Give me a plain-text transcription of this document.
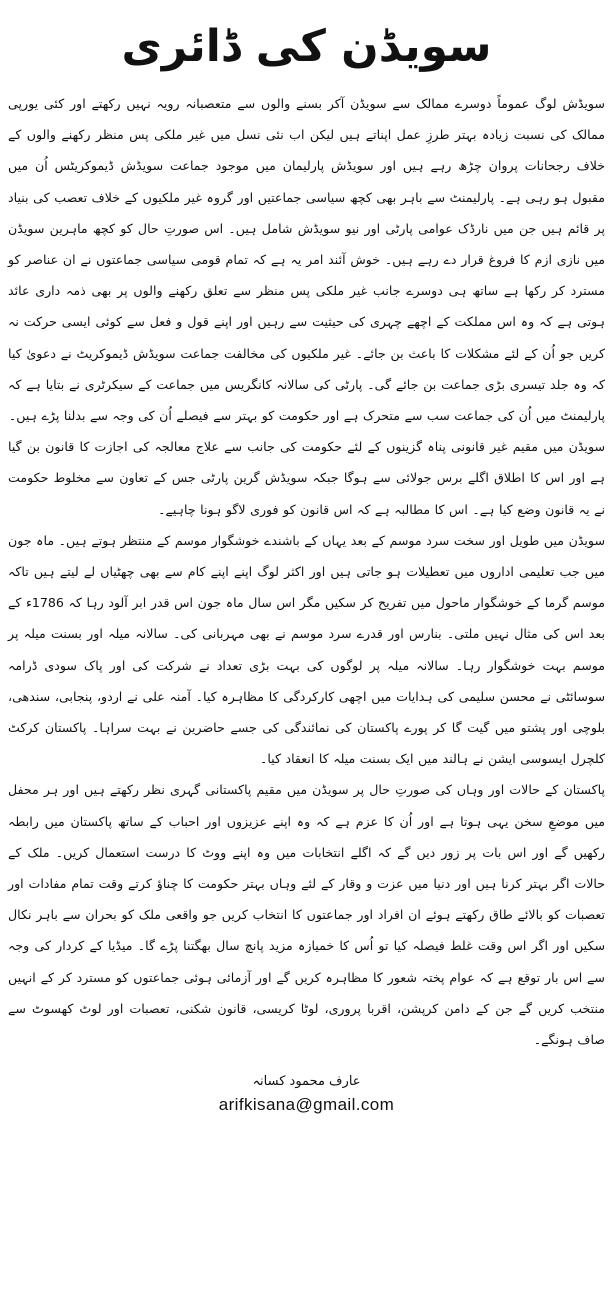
سویڈن کی ڈائری

سویڈش لوگ عموماً دوسرے ممالک سے سویڈن آکر بسنے والوں سے متعصبانہ رویہ نہیں رکھتے اور کئی یورپی ممالک کی نسبت زیادہ بہتر طرزِ عمل اپناتے ہیں لیکن اب نئی نسل میں غیر ملکی پس منظر رکھنے والوں کے خلاف رجحانات پروان چڑھ رہے ہیں اور سویڈش پارلیمان میں موجود جماعت سویڈش ڈیموکریٹس اُن میں مقبول ہو رہی ہے۔ پارلیمنٹ سے باہر بھی کچھ سیاسی جماعتیں اور گروہ غیر ملکیوں کے خلاف تعصب کی بنیاد پر قائم ہیں جن میں نارڈک عوامی پارٹی اور نیو سویڈش شامل ہیں۔ اس صورتِ حال کو کچھ ماہرین سویڈن میں نازی ازم کا فروغ قرار دے رہے ہیں۔ خوش آئند امر یہ ہے کہ تمام قومی سیاسی جماعتوں نے ان عناصر کو مسترد کر رکھا ہے ساتھ ہی دوسرے جانب غیر ملکی پس منظر سے تعلق رکھنے والوں پر بھی ذمہ داری عائد ہوتی ہے کہ وہ اس مملکت کے اچھے چہری کی حیثیت سے رہیں اور اپنے قول و فعل سے کوئی ایسی حرکت نہ کریں جو اُن کے لئے مشکلات کا باعث بن جائے۔ غیر ملکیوں کی مخالفت جماعت سویڈش ڈیموکریٹ نے دعویٰ کیا کہ وہ جلد تیسری بڑی جماعت بن جائے گی۔ پارٹی کی سالانہ کانگریس میں جماعت کے سیکرٹری نے بتایا ہے کہ پارلیمنٹ میں اُن کی جماعت سب سے متحرک ہے اور حکومت کو بہتر سے فیصلے اُن کی وجہ سے بدلنا پڑے ہیں۔

سویڈن میں مقیم غیر قانونی پناہ گزینوں کے لئے حکومت کی جانب سے علاج معالجہ کی اجازت کا قانون بن گیا ہے اور اس کا اطلاق اگلے برس جولائی سے ہوگا جبکہ سویڈش گرین پارٹی جس کے تعاون سے مخلوط حکومت نے یہ قانون وضع کیا ہے۔ اس کا مطالبہ ہے کہ اس قانون کو فوری لاگو ہونا چاہیے۔

سویڈن میں طویل اور سخت سرد موسم کے بعد یہاں کے باشندے خوشگوار موسم کے منتظر ہوتے ہیں۔ ماہ جون میں جب تعلیمی اداروں میں تعطیلات ہو جاتی ہیں اور اکثر لوگ اپنے اپنے کام سے بھی چھٹیاں لے لیتے ہیں تاکہ موسم گرما کے خوشگوار ماحول میں تفریح کر سکیں مگر اس سال ماہ جون اس قدر ابر آلود رہا کہ 1786ء کے بعد اس کی مثال نہیں ملتی۔ بنارس اور قدرے سرد موسم نے بھی مہربانی کی۔ سالانہ میلہ اور بسنت میلہ پر موسم بہت خوشگوار رہا۔ سالانہ میلہ پر لوگوں کی بہت بڑی تعداد نے شرکت کی اور پاک سودی ڈرامہ سوسائٹی نے محسن سلیمی کی ہدایات میں اچھی کارکردگی کا مظاہرہ کیا۔ آمنہ علی نے اردو، پنجابی، سندھی، بلوچی اور پشتو میں گیت گا کر پورے پاکستان کی نمائندگی کی جسے حاضرین نے بہت سراہا۔ پاکستان کرکٹ کلچرل ایسوسی ایشن نے ہالند میں ایک بسنت میلہ کا انعقاد کیا۔

پاکستان کے حالات اور وہاں کی صورتِ حال پر سویڈن میں مقیم پاکستانی گہری نظر رکھتے ہیں اور ہر محفل میں موضعِ سخن یہی ہوتا ہے اور اُن کا عزم ہے کہ وہ اپنے عزیزوں اور احباب کے ساتھ پاکستان میں رابطہ رکھیں گے اور اس بات پر زور دیں گے کہ اگلے انتخابات میں وہ اپنے ووٹ کا درست استعمال کریں۔ ملک کے حالات اگر بہتر کرنا ہیں اور دنیا میں عزت و وقار کے لئے وہاں بہتر حکومت کا چناؤ کرتے وقت تمام مفادات اور تعصبات کو بالائے طاق رکھتے ہوئے ان افراد اور جماعتوں کا انتخاب کریں جو واقعی ملک کو بحران سے باہر نکال سکیں اور اگر اس وقت غلط فیصلہ کیا تو اُس کا خمیازہ مزید پانچ سال بھگتنا پڑے گا۔ میڈیا کے کردار کی وجہ سے اس بار توقع ہے کہ عوام پختہ شعور کا مظاہرہ کریں گے اور آزمائی ہوئی جماعتوں کو مسترد کر کے انہیں منتخب کریں گے جن کے دامن کرپشن، اقربا پروری، لوٹا کریسی، قانون شکنی، تعصبات اور لوٹ کھسوٹ سے صاف ہونگے۔

عارف محمود کسانہ
arifkisana@gmail.com
